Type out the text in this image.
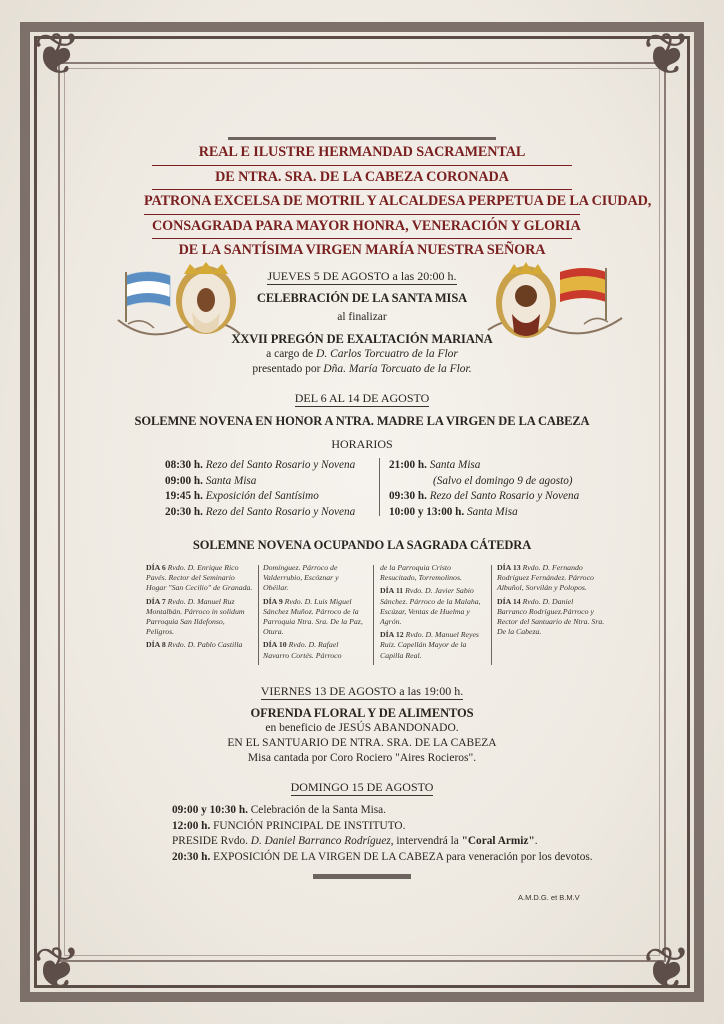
❦	❦
❦	❦
REAL E ILUSTRE HERMANDAD SACRAMENTAL
DE NTRA. SRA. DE LA CABEZA CORONADA
PATRONA EXCELSA DE MOTRIL Y ALCALDESA PERPETUA DE LA CIUDAD,
CONSAGRADA PARA MAYOR HONRA, VENERACIÓN Y GLORIA
DE LA SANTÍSIMA VIRGEN MARÍA NUESTRA SEÑORA
JUEVES 5 DE AGOSTO a las 20:00 h.
CELEBRACIÓN DE LA SANTA MISA
al finalizar
XXVII PREGÓN DE EXALTACIÓN MARIANA
a cargo de D. Carlos Torcuatro de la Flor
presentado por Dña. María Torcuato de la Flor.
DEL 6 AL 14 DE AGOSTO
SOLEMNE NOVENA EN HONOR A NTRA. MADRE LA VIRGEN DE LA CABEZA
HORARIOS
08:30 h. Rezo del Santo Rosario y Novena
09:00 h. Santa Misa
19:45 h. Exposición del Santísimo
20:30 h. Rezo del Santo Rosario y Novena
21:00 h. Santa Misa
(Salvo el domingo 9 de agosto)
09:30 h. Rezo del Santo Rosario y Novena
10:00 y 13:00 h. Santa Misa
SOLEMNE NOVENA OCUPANDO LA SAGRADA CÁTEDRA

DÍA 6 Rvdo. D. Enrique Rico Pavés. Rector del Seminario Hogar "San Cecilio" de Granada.

DÍA 7 Rvdo. D. Manuel Ruz Montalbán. Párroco in solidum Parroquia San Ildefonso, Peligros.

DÍA 8 Rvdo. D. Pablo Castilla

Domínguez. Párroco de Valderrubio, Escóznar y Obéilar.

DÍA 9 Rvdo. D. Luis Miguel Sánchez Muñoz. Párroco de la Parroquia Ntra. Sra. De la Paz, Otura.

DÍA 10 Rvdo. D. Rafael Navarro Cortés. Párroco

de la Parroquia Cristo Resucitado, Torremolinos.

DÍA 11 Rvdo. D. Javier Sabio Sánchez. Párroco de la Malaha, Escúzar, Ventas de Huelma y Agrón.

DÍA 12 Rvdo. D. Manuel Reyes Ruiz. Capellán Mayor de la Capilla Real.

DÍA 13 Rvdo. D. Fernando Rodríguez Fernández. Párroco Albuñol, Sorvilán y Polopos.

DÍA 14 Rvdo. D. Daniel Barranco Rodríguez.Párroco y Rector del Santuario de Ntra. Sra. De la Cabeza.

VIERNES 13 DE AGOSTO a las 19:00 h.
OFRENDA FLORAL Y DE ALIMENTOS
en beneficio de JESÚS ABANDONADO.
EN EL SANTUARIO DE NTRA. SRA. DE LA CABEZA
Misa cantada por Coro Rociero "Aires Rocieros".
DOMINGO 15 DE AGOSTO
09:00 y 10:30 h. Celebración de la Santa Misa.
12:00 h. FUNCIÓN PRINCIPAL DE INSTITUTO.
PRESIDE Rvdo. D. Daniel Barranco Rodríguez, intervendrá la "Coral Armiz".
20:30 h. EXPOSICIÓN DE LA VIRGEN DE LA CABEZA para veneración por los devotos.
A.M.D.G. et B.M.V
